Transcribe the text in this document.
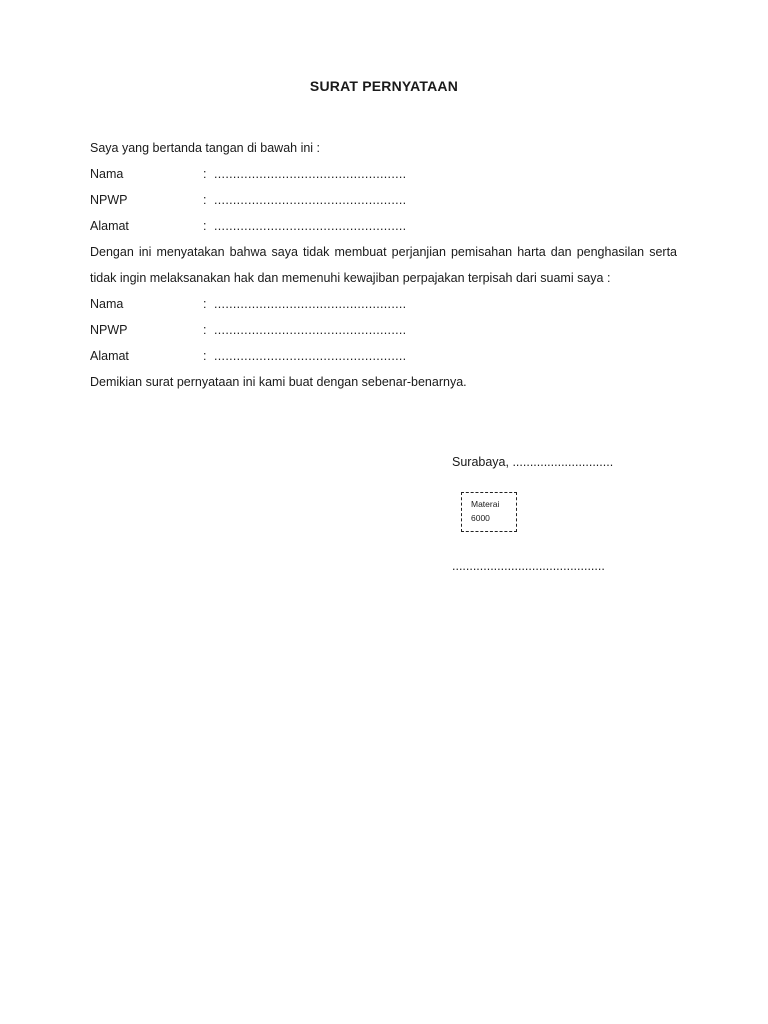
SURAT PERNYATAAN
Saya yang bertanda tangan di bawah ini :
Nama	: ...................................................
NPWP	: ...................................................
Alamat	: ...................................................
Dengan ini menyatakan bahwa saya tidak membuat perjanjian pemisahan harta dan penghasilan serta
tidak ingin melaksanakan hak dan memenuhi kewajiban perpajakan terpisah dari suami saya :
Nama	: ...................................................
NPWP	: ...................................................
Alamat	: ...................................................
Demikian surat pernyataan ini kami buat dengan sebenar-benarnya.
Surabaya, .............................
Materai
6000
............................................
